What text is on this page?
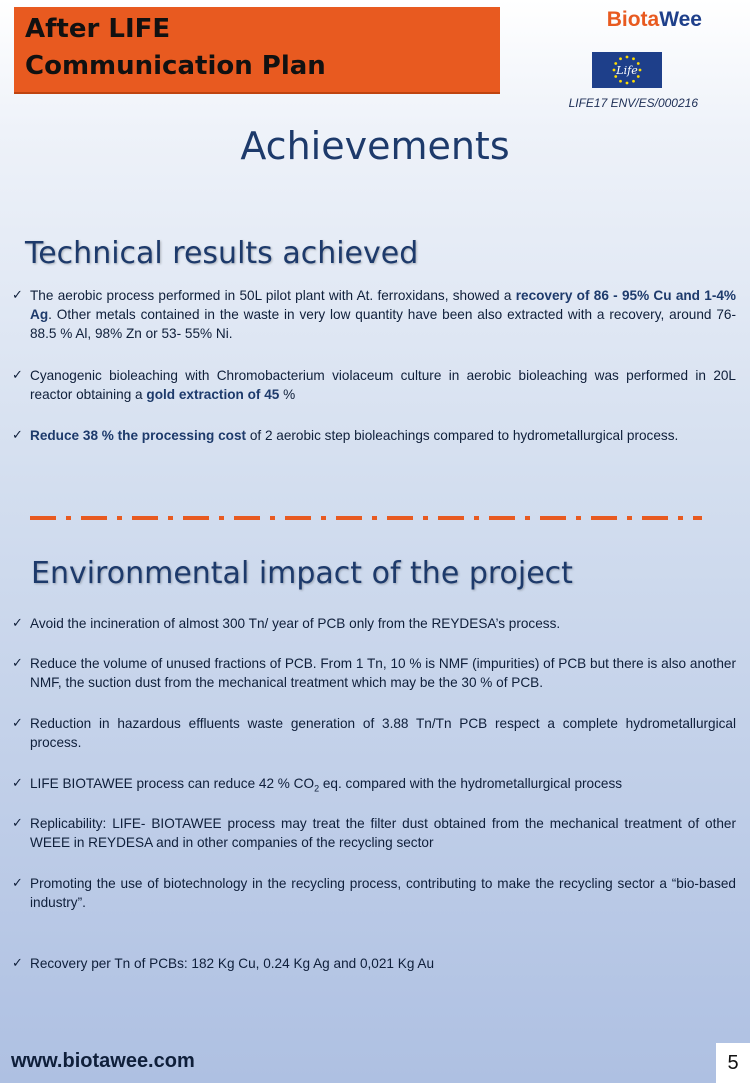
After LIFE
Communication Plan
BiotaWee
Life
LIFE17 ENV/ES/000216
Achievements
Technical results achieved
✓ The aerobic process performed in 50L pilot plant with At. ferroxidans, showed a recovery of 86 - 95% Cu and 1-4% Ag. Other metals contained in the waste in very low quantity have been also extracted with a recovery, around 76-88.5 % Al, 98% Zn or 53- 55% Ni.
✓ Cyanogenic bioleaching with Chromobacterium violaceum culture in aerobic bioleaching was performed in 20L reactor obtaining a gold extraction of 45 %
✓ Reduce 38 % the processing cost of 2 aerobic step bioleachings compared to hydrometallurgical process.
Environmental impact of the project
✓ Avoid the incineration of almost 300 Tn/ year of PCB only from the REYDESA’s process.
✓ Reduce the volume of unused fractions of PCB. From 1 Tn, 10 % is NMF (impurities) of PCB but there is also another NMF, the suction dust from the mechanical treatment which may be the 30 % of PCB.
✓ Reduction in hazardous effluents waste generation of 3.88 Tn/Tn PCB respect a complete hydrometallurgical process.
✓ LIFE BIOTAWEE process can reduce 42 % $CO_2$ eq. compared with the hydrometallurgical process
✓ Replicability: LIFE- BIOTAWEE process may treat the filter dust obtained from the mechanical treatment of other WEEE in REYDESA and in other companies of the recycling sector
✓ Promoting the use of biotechnology in the recycling process, contributing to make the recycling sector a “bio-based industry”.
✓ Recovery per Tn of PCBs: 182 Kg Cu, 0.24 Kg Ag and 0,021 Kg Au
www.biotawee.com	5
